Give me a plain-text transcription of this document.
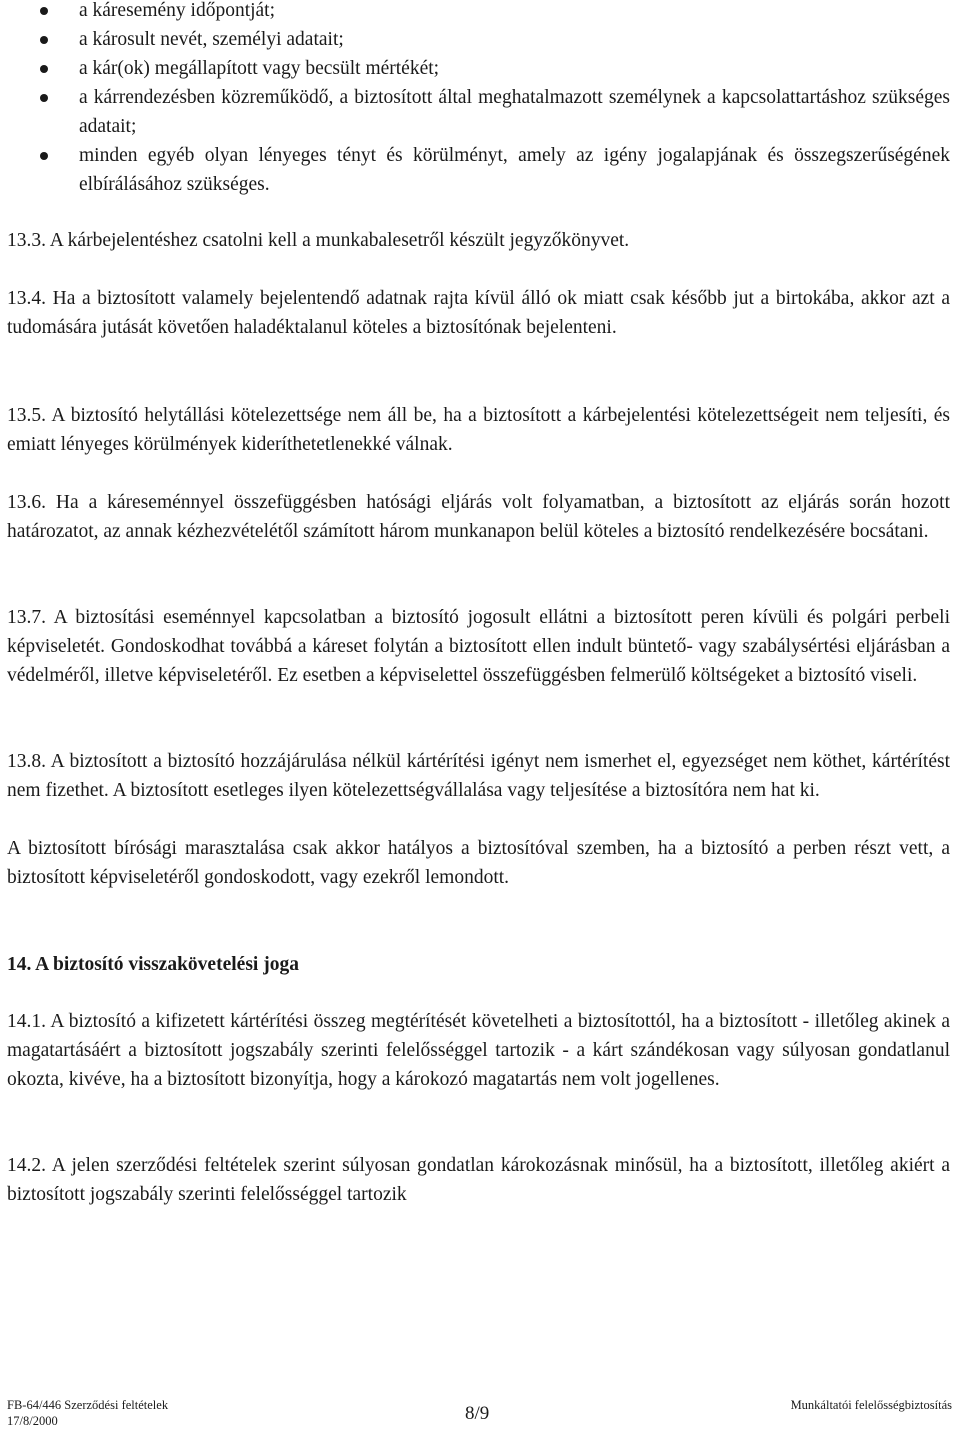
a káresemény időpontját;
a károsult nevét, személyi adatait;
a kár(ok) megállapított vagy becsült mértékét;
a kárrendezésben közreműködő, a biztosított által meghatalmazott személynek a kapcsolattartáshoz szükséges adatait;
minden egyéb olyan lényeges tényt és körülményt, amely az igény jogalapjának és összegszerűségének elbírálásához szükséges.

13.3. A kárbejelentéshez csatolni kell a munkabalesetről készült jegyzőkönyvet.

13.4. Ha a biztosított valamely bejelentendő adatnak rajta kívül álló ok miatt csak később jut a birtokába, akkor azt a tudomására jutását követően haladéktalanul köteles a biztosítónak bejelenteni.

13.5. A biztosító helytállási kötelezettsége nem áll be, ha a biztosított a kárbejelentési kötelezettségeit nem teljesíti, és emiatt lényeges körülmények kideríthetetlenekké válnak.

13.6. Ha a káreseménnyel összefüggésben hatósági eljárás volt folyamatban, a biztosított az eljárás során hozott határozatot, az annak kézhezvételétől számított három munkanapon belül köteles a biztosító rendelkezésére bocsátani.

13.7. A biztosítási eseménnyel kapcsolatban a biztosító jogosult ellátni a biztosított peren kívüli és polgári perbeli képviseletét. Gondoskodhat továbbá a káreset folytán a biztosított ellen indult büntető- vagy szabálysértési eljárásban a védelméről, illetve képviseletéről. Ez esetben a képviselettel összefüggésben felmerülő költségeket a biztosító viseli.

13.8. A biztosított a biztosító hozzájárulása nélkül kártérítési igényt nem ismerhet el, egyezséget nem köthet, kártérítést nem fizethet. A biztosított esetleges ilyen kötelezettségvállalása vagy teljesítése a biztosítóra nem hat ki.

A biztosított bírósági marasztalása csak akkor hatályos a biztosítóval szemben, ha a biztosító a perben részt vett, a biztosított képviseletéről gondoskodott, vagy ezekről lemondott.

14. A biztosító visszakövetelési joga

14.1. A biztosító a kifizetett kártérítési összeg megtérítését követelheti a biztosítottól, ha a biztosított - illetőleg akinek a magatartásáért a biztosított jogszabály szerinti felelősséggel tartozik - a kárt szándékosan vagy súlyosan gondatlanul okozta, kivéve, ha a biztosított bizonyítja, hogy a károkozó magatartás nem volt jogellenes.

14.2. A jelen szerződési feltételek szerint súlyosan gondatlan károkozásnak minősül, ha a biztosított, illetőleg akiért a biztosított jogszabály szerinti felelősséggel tartozik

FB-64/446 Szerződési feltételek
17/8/2000	8/9	Munkáltatói felelősségbiztosítás
